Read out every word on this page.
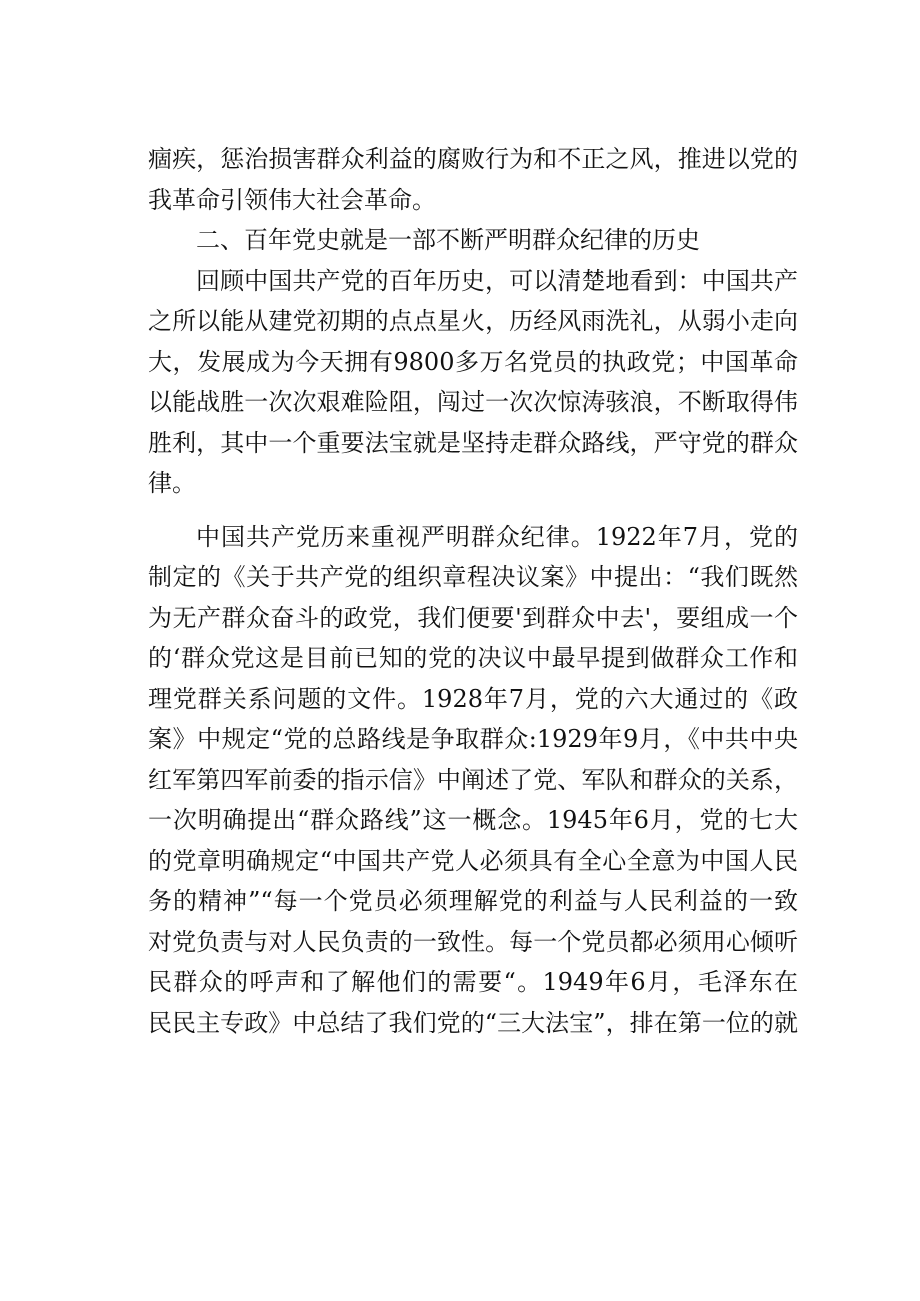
痼疾，惩治损害群众利益的腐败行为和不正之风，推进以党的
我革命引领伟大社会革命。
二、百年党史就是一部不断严明群众纪律的历史
回顾中国共产党的百年历史，可以清楚地看到：中国共产
之所以能从建党初期的点点星火，历经风雨洗礼，从弱小走向
大，发展成为今天拥有9800多万名党员的执政党；中国革命
以能战胜一次次艰难险阻，闯过一次次惊涛骇浪，不断取得伟
胜利，其中一个重要法宝就是坚持走群众路线，严守党的群众
律。
中国共产党历来重视严明群众纪律。1922年7月，党的
制定的《关于共产党的组织章程决议案》中提出：“我们既然
为无产群众奋斗的政党，我们便要'到群众中去'，要组成一个
的‘群众党这是目前已知的党的决议中最早提到做群众工作和
理党群关系问题的文件。1928年7月，党的六大通过的《政
案》中规定“党的总路线是争取群众:1929年9月，《中共中央
红军第四军前委的指示信》中阐述了党、军队和群众的关系，
一次明确提出“群众路线”这一概念。1945年6月，党的七大
的党章明确规定“中国共产党人必须具有全心全意为中国人民
务的精神”“每一个党员必须理解党的利益与人民利益的一致
对党负责与对人民负责的一致性。每一个党员都必须用心倾听
民群众的呼声和了解他们的需要“。1949年6月，毛泽东在
民民主专政》中总结了我们党的“三大法宝”，排在第一位的就
